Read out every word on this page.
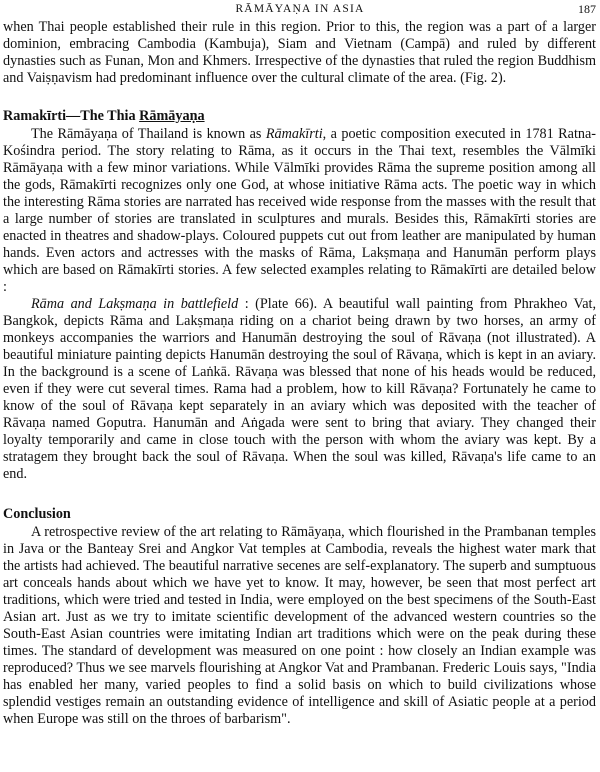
RĀMĀYAṆA IN ASIA	187

when Thai people established their rule in this region. Prior to this, the region was a part of a larger dominion, embracing Cambodia (Kambuja), Siam and Vietnam (Campā) and ruled by different dynasties such as Funan, Mon and Khmers. Irrespective of the dynasties that ruled the region Buddhism and Vaiṣṇavism had predominant influence over the cultural climate of the area. (Fig. 2).

Ramakīrti—The Thia Rāmāyaṇa

The Rāmāyaṇa of Thailand is known as Rāmakīrti, a poetic composition executed in 1781 Ratna-Kośindra period. The story relating to Rāma, as it occurs in the Thai text, resembles the Vālmīki Rāmāyaṇa with a few minor variations. While Vālmīki provides Rāma the supreme position among all the gods, Rāmakīrti recognizes only one God, at whose initiative Rāma acts. The poetic way in which the interesting Rāma stories are narrated has received wide response from the masses with the result that a large number of stories are translated in sculptures and murals. Besides this, Rāmakīrti stories are enacted in theatres and shadow-plays. Coloured puppets cut out from leather are manipulated by human hands. Even actors and actresses with the masks of Rāma, Lakṣmaṇa and Hanumān perform plays which are based on Rāmakīrti stories. A few selected examples relating to Rāmakīrti are detailed below :

Rāma and Lakṣmaṇa in battlefield : (Plate 66). A beautiful wall painting from Phrakheo Vat, Bangkok, depicts Rāma and Lakṣmaṇa riding on a chariot being drawn by two horses, an army of monkeys accompanies the warriors and Hanumān destroying the soul of Rāvaṇa (not illustrated). A beautiful miniature painting depicts Hanumān destroying the soul of Rāvaṇa, which is kept in an aviary. In the background is a scene of Laṅkā. Rāvaṇa was blessed that none of his heads would be reduced, even if they were cut several times. Rama had a problem, how to kill Rāvaṇa? Fortunately he came to know of the soul of Rāvaṇa kept separately in an aviary which was deposited with the teacher of Rāvaṇa named Goputra. Hanumān and Aṅgada were sent to bring that aviary. They changed their loyalty temporarily and came in close touch with the person with whom the aviary was kept. By a stratagem they brought back the soul of Rāvaṇa. When the soul was killed, Rāvaṇa's life came to an end.

Conclusion

A retrospective review of the art relating to Rāmāyaṇa, which flourished in the Prambanan temples in Java or the Banteay Srei and Angkor Vat temples at Cambodia, reveals the highest water mark that the artists had achieved. The beautiful narrative secenes are self-explanatory. The superb and sumptuous art conceals hands about which we have yet to know. It may, however, be seen that most perfect art traditions, which were tried and tested in India, were employed on the best specimens of the South-East Asian art. Just as we try to imitate scientific development of the advanced western countries so the South-East Asian countries were imitating Indian art traditions which were on the peak during these times. The standard of development was measured on one point : how closely an Indian example was reproduced? Thus we see marvels flourishing at Angkor Vat and Prambanan. Frederic Louis says, "India has enabled her many, varied peoples to find a solid basis on which to build civilizations whose splendid vestiges remain an outstanding evidence of intelligence and skill of Asiatic people at a period when Europe was still on the throes of barbarism".
